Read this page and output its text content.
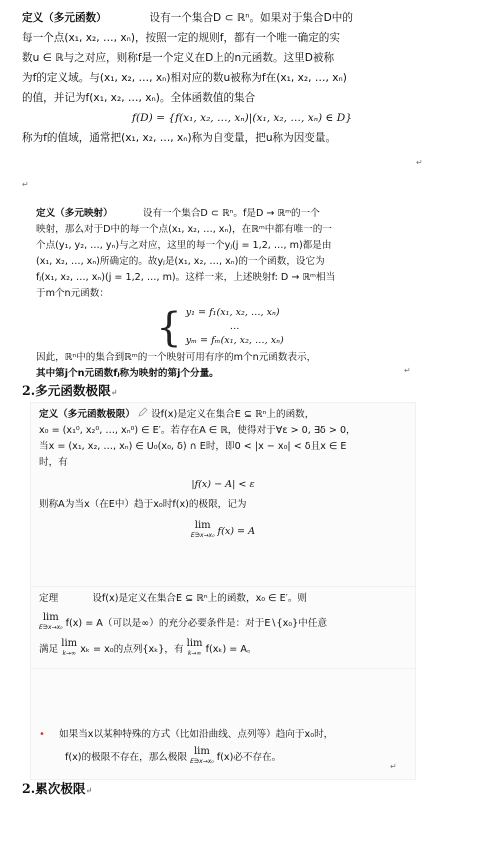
定义（多元函数）	设有一个集合D ⊂ ℝⁿ。如果对于集合D中的

每一个点(x₁, x₂, …, xₙ)，按照一定的规则f，都有一个唯一确定的实

数u ∈ ℝ与之对应，则称f是一个定义在D上的n元函数。这里D被称

为f的定义域。与(x₁, x₂, …, xₙ)相对应的数u被称为f在(x₁, x₂, …, xₙ)

的值，并记为f(x₁, x₂, …, xₙ)。全体函数值的集合

f(D) = {f(x₁, x₂, …, xₙ)|(x₁, x₂, …, xₙ) ∈ D}

称为f的值域，通常把(x₁, x₂, …, xₙ)称为自变量，把u称为因变量。

↵
↵

定义（多元映射）	设有一个集合D ⊂ ℝⁿ。f是D → ℝᵐ的一个

映射，那么对于D中的每一个点(x₁, x₂, …, xₙ)，在ℝᵐ中都有唯一的一

个点(y₁, y₂, …, yₙ)与之对应，这里的每一个yⱼ(j = 1,2, …, m)都是由

(x₁, x₂, …, xₙ)所确定的。故yⱼ是(x₁, x₂, …, xₙ)的一个函数，设它为

fⱼ(x₁, x₂, …, xₙ)(j = 1,2, …, m)。这样一来，上述映射f: D → ℝᵐ相当

于m个n元函数：

{ y₁ = f₁(x₁, x₂, …, xₙ)
…
yₘ = fₘ(x₁, x₂, …, xₙ)

因此，ℝⁿ中的集合到ℝᵐ的一个映射可用有序的m个n元函数表示，

其中第j个n元函数fⱼ称为映射的第j个分量。	↵
2.多元函数极限↵

定义（多元函数极限） 设f(x)是定义在集合E ⊆ ℝⁿ上的函数，

x₀ = (x₁⁰, x₂⁰, …, xₙ⁰) ∈ E′。若存在A ∈ ℝ，使得对于∀ε > 0, ∃δ > 0，

当x = (x₁, x₂, …, xₙ) ∈ U₀(x₀, δ) ∩ E时，即0 < |x − x₀| < δ且x ∈ E

时，有

|f(x) − A| < ε

则称A为当x（在E中）趋于x₀时f(x)的极限，记为

lim
E∋x→x₀ f(x) = A

定理	设f(x)是定义在集合E ⊆ ℝⁿ上的函数，x₀ ∈ E′。则

lim
E∋x→x₀ f(x) = A（可以是∞）的充分必要条件是：对于E∖{x₀}中任意

满足 lim
k→∞ xₖ = x₀的点列{xₖ}，有 lim
k→∞ f(xₖ) = A。

• 如果当x以某种特殊的方式（比如沿曲线、点列等）趋向于x₀时，

f(x)的极限不存在，那么极限 lim
E∋x→x₀ f(x)必不存在。

↵
2.累次极限↵
